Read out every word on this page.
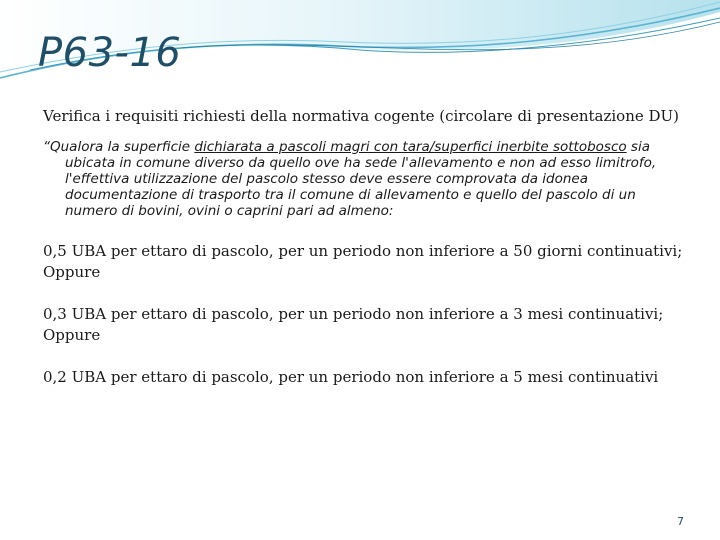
P63-16

Verifica i requisiti richiesti della normativa cogente (circolare di presentazione DU)

“Qualora la superficie dichiarata a pascoli magri con tara/superfici inerbite sottobosco sia ubicata in comune diverso da quello ove ha sede l'allevamento e non ad esso limitrofo, l'effettiva utilizzazione del pascolo stesso deve essere comprovata da idonea documentazione di trasporto tra il comune di allevamento e quello del pascolo di un numero di bovini, ovini o caprini pari ad almeno:

0,5 UBA per ettaro di pascolo, per un periodo non inferiore a 50 giorni continuativi;

Oppure

0,3 UBA per ettaro di pascolo, per un periodo non inferiore a 3 mesi continuativi;

Oppure

0,2 UBA per ettaro di pascolo, per un periodo non inferiore a 5 mesi continuativi

7
